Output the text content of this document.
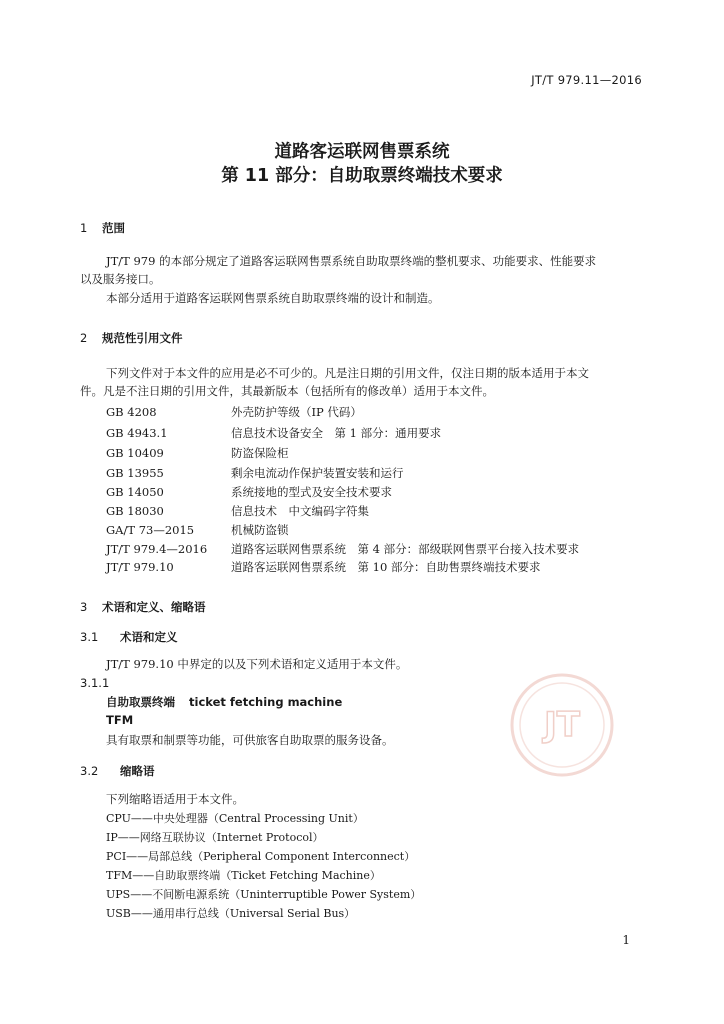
JT/T 979.11—2016
道路客运联网售票系统
第 11 部分：自助取票终端技术要求
1 范围
JT/T 979 的本部分规定了道路客运联网售票系统自助取票终端的整机要求、功能要求、性能要求
以及服务接口。
本部分适用于道路客运联网售票系统自助取票终端的设计和制造。
2 规范性引用文件
下列文件对于本文件的应用是必不可少的。凡是注日期的引用文件，仅注日期的版本适用于本文
件。凡是不注日期的引用文件，其最新版本（包括所有的修改单）适用于本文件。
GB 4208	外壳防护等级（IP 代码）
GB 4943.1	信息技术设备安全　第 1 部分：通用要求
GB 10409	防盗保险柜
GB 13955	剩余电流动作保护装置安装和运行
GB 14050	系统接地的型式及安全技术要求
GB 18030	信息技术　中文编码字符集
GA/T 73—2015	机械防盗锁
JT/T 979.4—2016 道路客运联网售票系统　第 4 部分：部级联网售票平台接入技术要求
JT/T 979.10	道路客运联网售票系统　第 10 部分：自助售票终端技术要求
3 术语和定义、缩略语
3.1 术语和定义
JT/T 979.10 中界定的以及下列术语和定义适用于本文件。
3.1.1
自助取票终端 ticket fetching machine
TFM
具有取票和制票等功能，可供旅客自助取票的服务设备。
3.2 缩略语
下列缩略语适用于本文件。
CPU——中央处理器（Central Processing Unit）
IP——网络互联协议（Internet Protocol）
PCI——局部总线（Peripheral Component Interconnect）
TFM——自助取票终端（Ticket Fetching Machine）
UPS——不间断电源系统（Uninterruptible Power System）
USB——通用串行总线（Universal Serial Bus）
JT
1
